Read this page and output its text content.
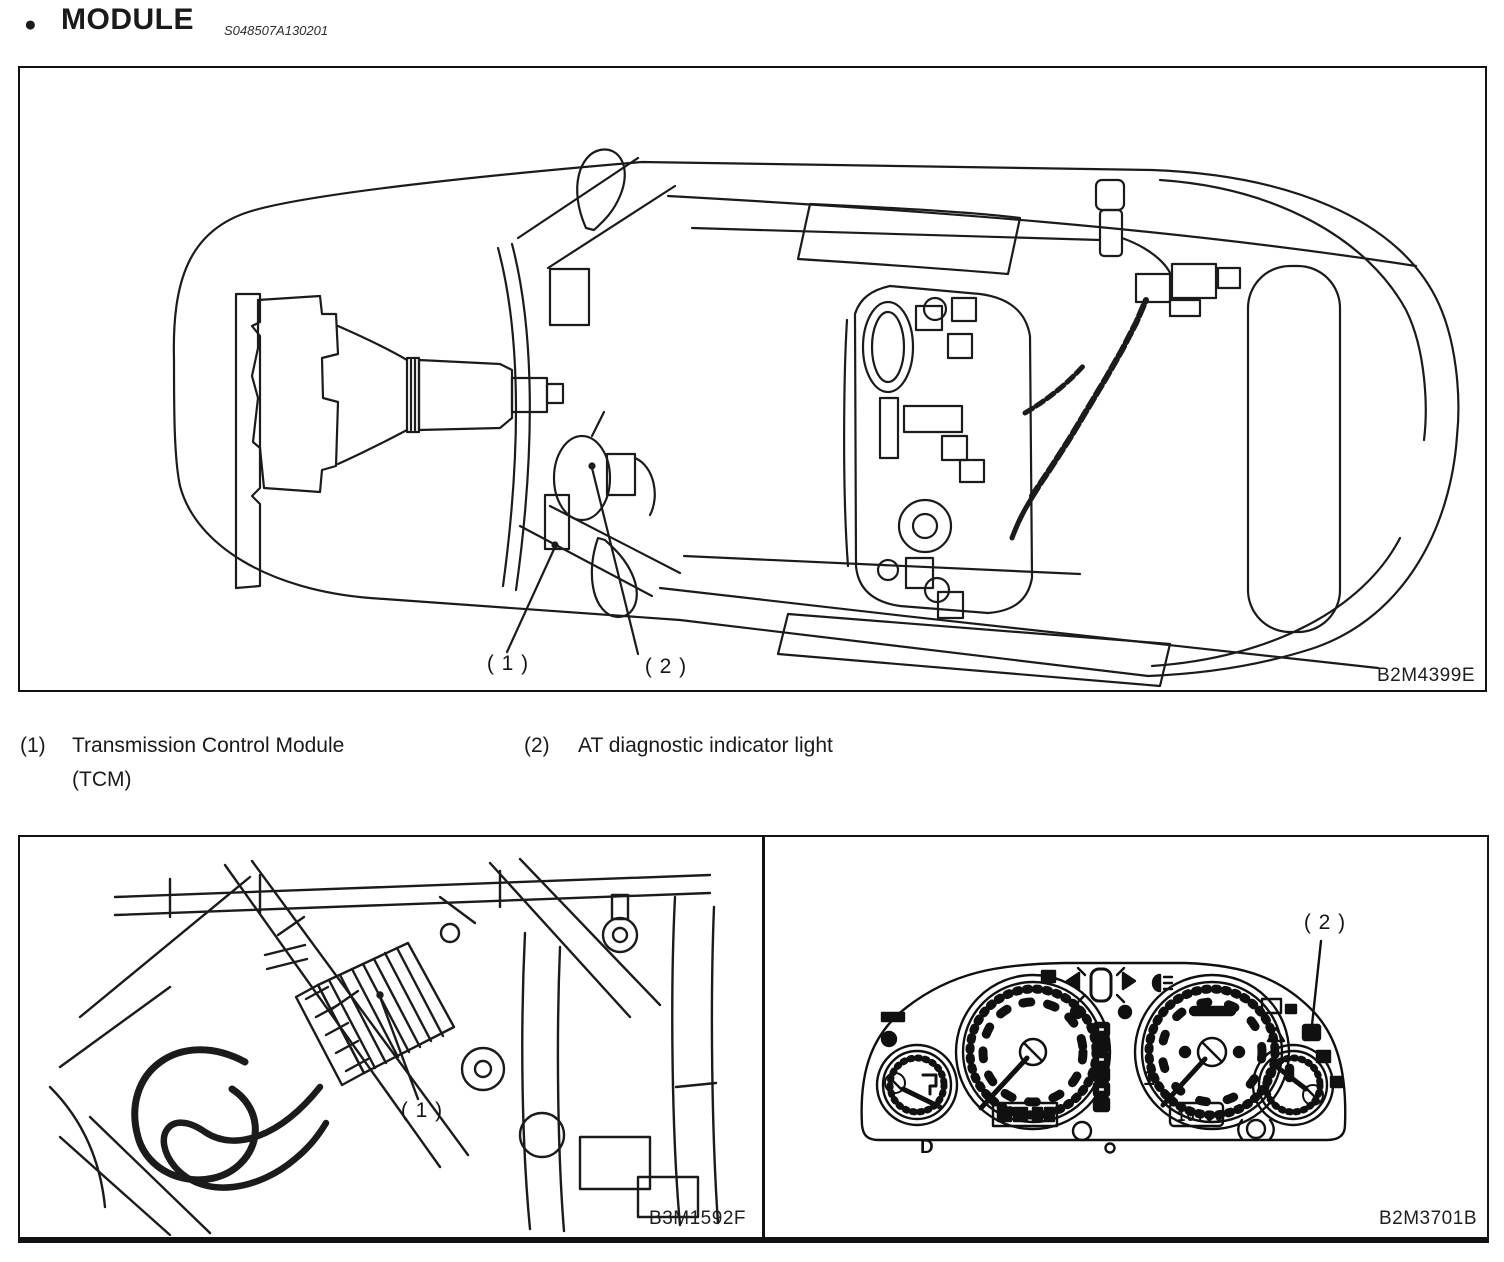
● MODULE S048507A130201
( 1 )	( 2 )	B2M4399E
(1) Transmission Control Module
(TCM)
(2) AT diagnostic indicator light
( 1 )
B3M1592F
1
10:00
D
( 2 )
B2M3701B
